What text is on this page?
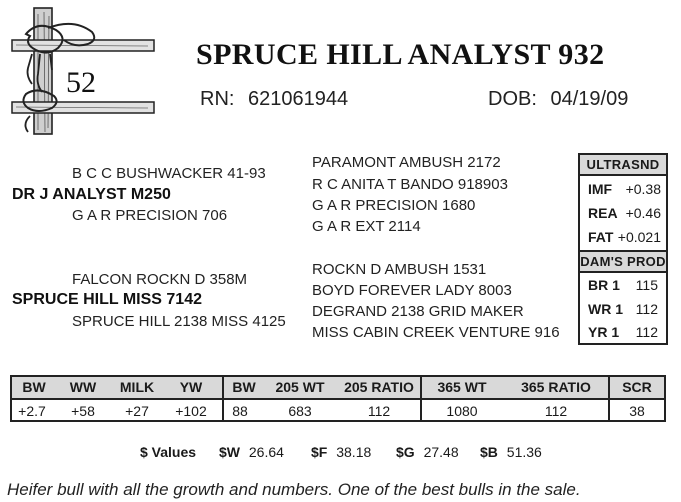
52
SPRUCE HILL ANALYST 932
RN: 621061944	DOB: 04/19/09
B C C BUSHWACKER 41-93
DR J ANALYST M250
G A R PRECISION 706
FALCON ROCKN D 358M
SPRUCE HILL MISS 7142
SPRUCE HILL 2138 MISS 4125
PARAMONT AMBUSH 2172
R C ANITA T BANDO 918903
G A R PRECISION 1680
G A R EXT 2114
ROCKN D AMBUSH 1531
BOYD FOREVER LADY 8003
DEGRAND 2138 GRID MAKER
MISS CABIN CREEK VENTURE 916
ULTRASND
IMF +0.38
REA +0.46
FAT +0.021
DAM'S PROD
BR 1 115
WR 1 112
YR 1 112
BW	WW	MILK	YW	BW	205 WT	205 RATIO	365 WT	365 RATIO	SCR
+2.7	+58	+27	+102	88	683	112	1080	112	38
$ Values $W 26.64 $F 38.18 $G 27.48 $B 51.36
Heifer bull with all the growth and numbers. One of the best bulls in the sale.
